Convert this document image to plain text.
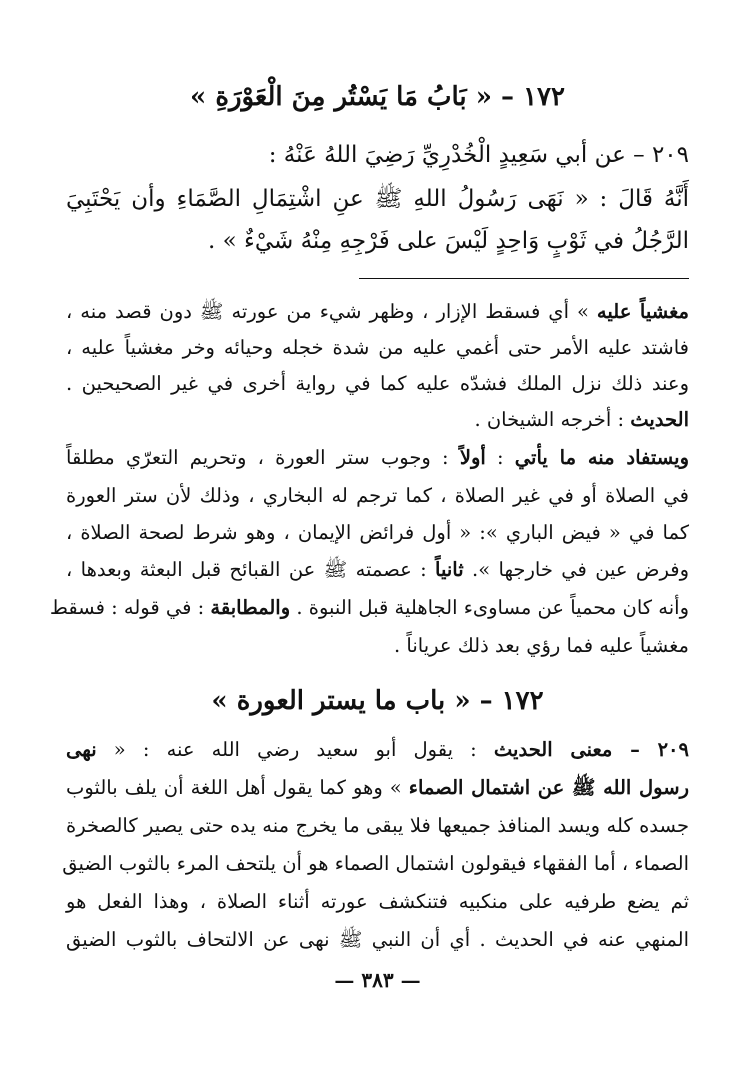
١٧٢ – « بَابُ مَا يَسْتُر مِنَ الْعَوْرَةِ »
٢٠٩ – عن أبي سَعِيدٍ الْخُدْرِيِّ رَضِيَ اللهُ عَنْهُ :
أَنَّهُ قَالَ : « نَهَى رَسُولُ اللهِ ﷺ عنِ اشْتِمَالِ الصَّمَاءِ وأن يَحْتَبِيَ
الرَّجُلُ في ثَوْبٍ وَاحِدٍ لَيْسَ على فَرْجِهِ مِنْهُ شَيْءٌ » .
مغشياً عليه » أي فسقط الإزار ، وظهر شيء من عورته ﷺ دون قصد منه ،
فاشتد عليه الأمر حتى أغمي عليه من شدة خجله وحيائه وخر مغشياً عليه ،
وعند ذلك نزل الملك فشدّه عليه كما في رواية أخرى في غير الصحيحين .
الحديث : أخرجه الشيخان .
ويستفاد منه ما يأتي : أولاً : وجوب ستر العورة ، وتحريم التعرّي مطلقاً
في الصلاة أو في غير الصلاة ، كما ترجم له البخاري ، وذلك لأن ستر العورة
كما في « فيض الباري »: « أول فرائض الإيمان ، وهو شرط لصحة الصلاة ،
وفرض عين في خارجها ». ثانياً : عصمته ﷺ عن القبائح قبل البعثة وبعدها ،
وأنه كان محمياً عن مساوىء الجاهلية قبل النبوة . والمطابقة : في قوله : فسقط
مغشياً عليه فما رؤي بعد ذلك عرياناً .
١٧٢ – « باب ما يستر العورة »
٢٠٩ – معنى الحديث : يقول أبو سعيد رضي الله عنه : « نهى
رسول الله ﷺ عن اشتمال الصماء » وهو كما يقول أهل اللغة أن يلف بالثوب
جسده كله ويسد المنافذ جميعها فلا يبقى ما يخرج منه يده حتى يصير كالصخرة
الصماء ، أما الفقهاء فيقولون اشتمال الصماء هو أن يلتحف المرء بالثوب الضيق
ثم يضع طرفيه على منكبيه فتنكشف عورته أثناء الصلاة ، وهذا الفعل هو
المنهي عنه في الحديث . أي أن النبي ﷺ نهى عن الالتحاف بالثوب الضيق
— ٣٨٣ —
